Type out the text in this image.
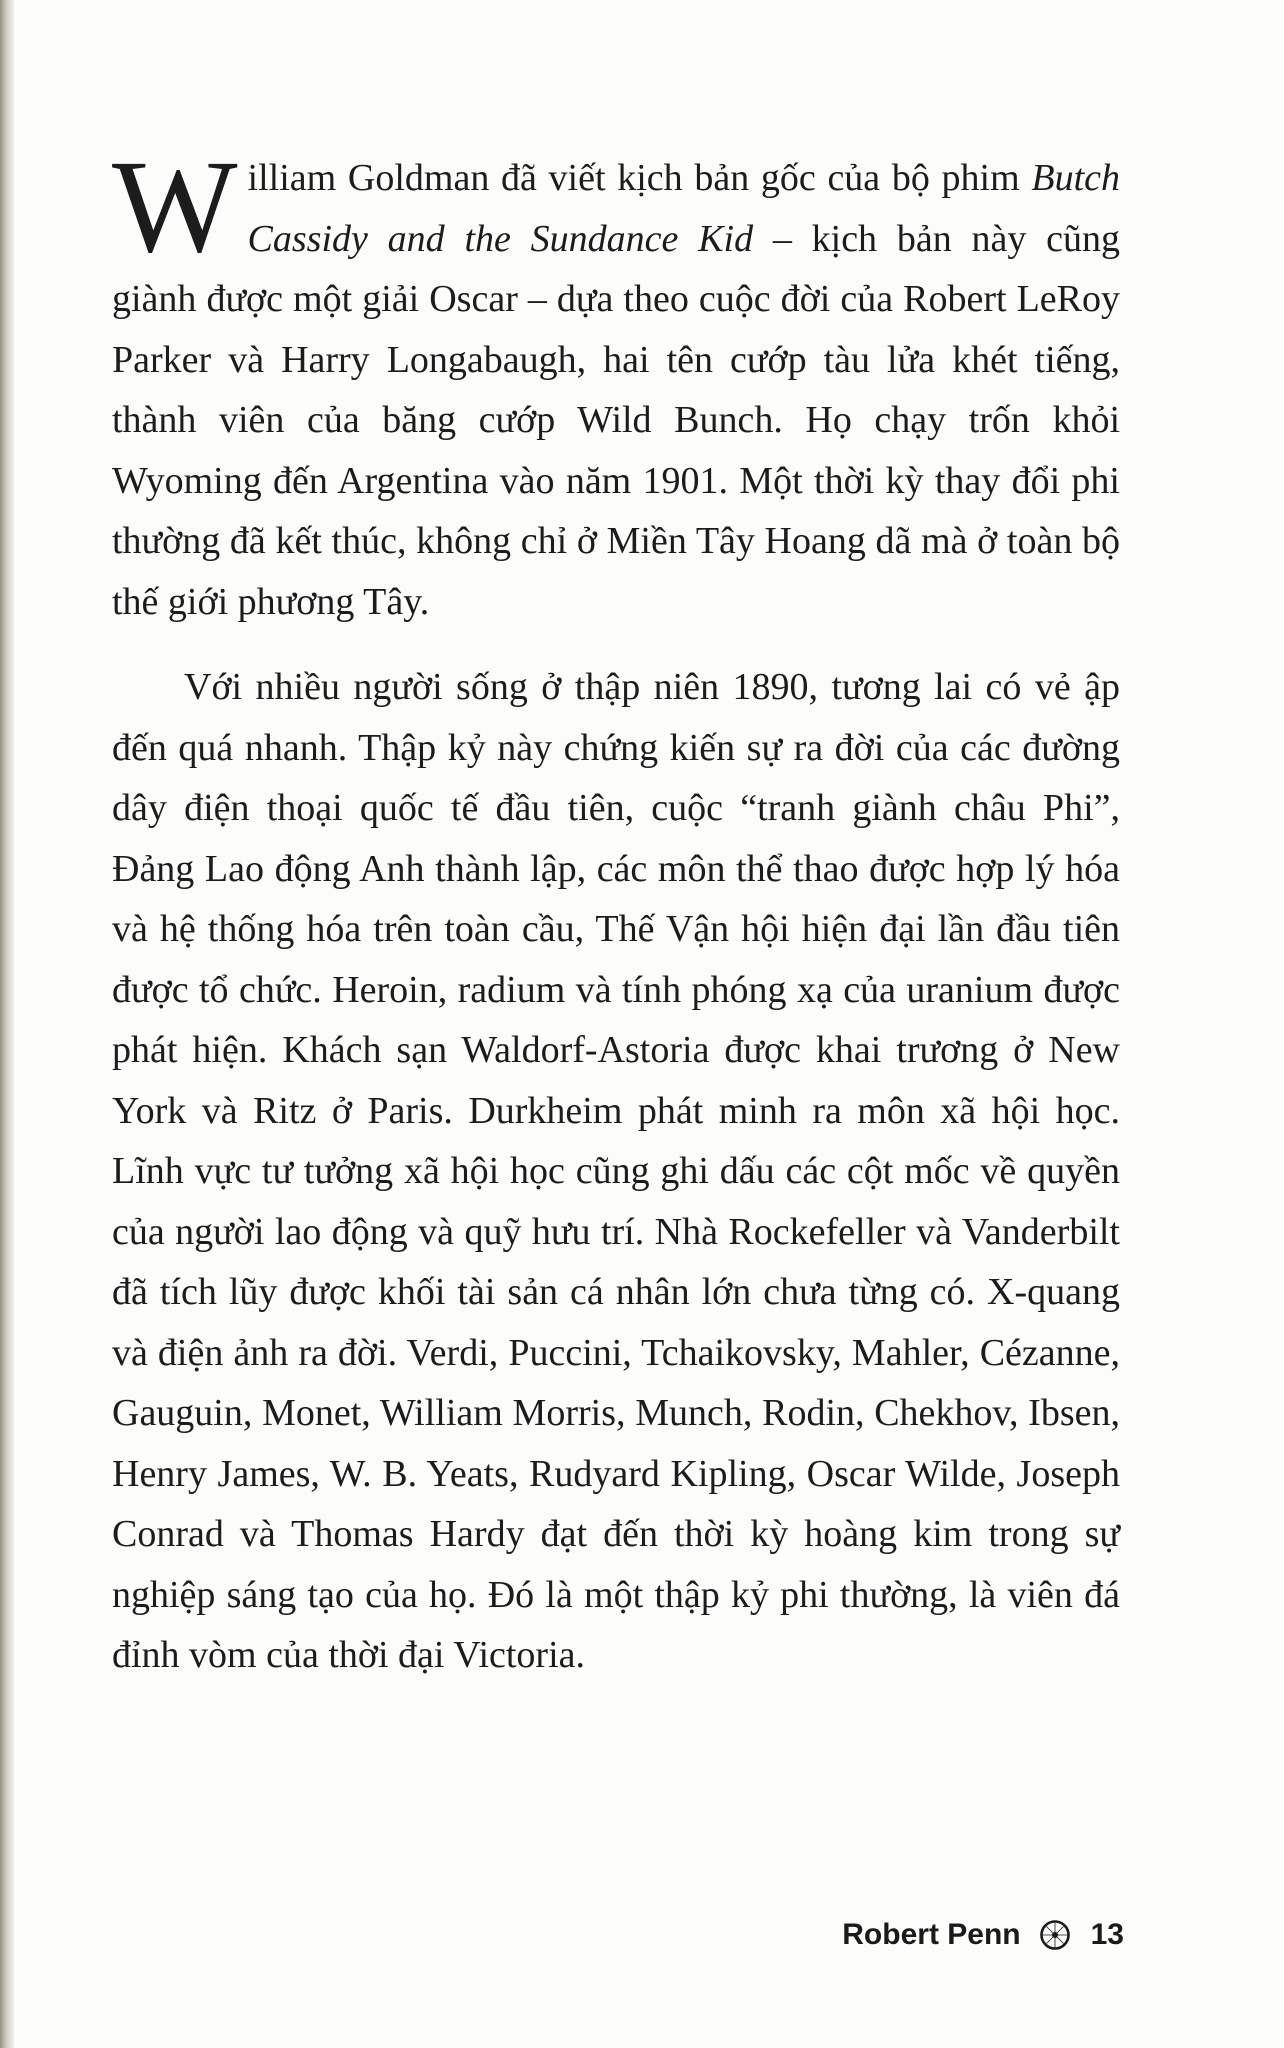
William Goldman đã viết kịch bản gốc của bộ phim Butch Cassidy and the Sundance Kid – kịch bản này cũng giành được một giải Oscar – dựa theo cuộc đời của Robert LeRoy Parker và Harry Longabaugh, hai tên cướp tàu lửa khét tiếng, thành viên của băng cướp Wild Bunch. Họ chạy trốn khỏi Wyoming đến Argentina vào năm 1901. Một thời kỳ thay đổi phi thường đã kết thúc, không chỉ ở Miền Tây Hoang dã mà ở toàn bộ thế giới phương Tây.

Với nhiều người sống ở thập niên 1890, tương lai có vẻ ập đến quá nhanh. Thập kỷ này chứng kiến sự ra đời của các đường dây điện thoại quốc tế đầu tiên, cuộc “tranh giành châu Phi”, Đảng Lao động Anh thành lập, các môn thể thao được hợp lý hóa và hệ thống hóa trên toàn cầu, Thế Vận hội hiện đại lần đầu tiên được tổ chức. Heroin, radium và tính phóng xạ của uranium được phát hiện. Khách sạn Waldorf-Astoria được khai trương ở New York và Ritz ở Paris. Durkheim phát minh ra môn xã hội học. Lĩnh vực tư tưởng xã hội học cũng ghi dấu các cột mốc về quyền của người lao động và quỹ hưu trí. Nhà Rockefeller và Vanderbilt đã tích lũy được khối tài sản cá nhân lớn chưa từng có. X-quang và điện ảnh ra đời. Verdi, Puccini, Tchaikovsky, Mahler, Cézanne, Gauguin, Monet, William Morris, Munch, Rodin, Chekhov, Ibsen, Henry James, W. B. Yeats, Rudyard Kipling, Oscar Wilde, Joseph Conrad và Thomas Hardy đạt đến thời kỳ hoàng kim trong sự nghiệp sáng tạo của họ. Đó là một thập kỷ phi thường, là viên đá đỉnh vòm của thời đại Victoria.

Robert Penn 13
